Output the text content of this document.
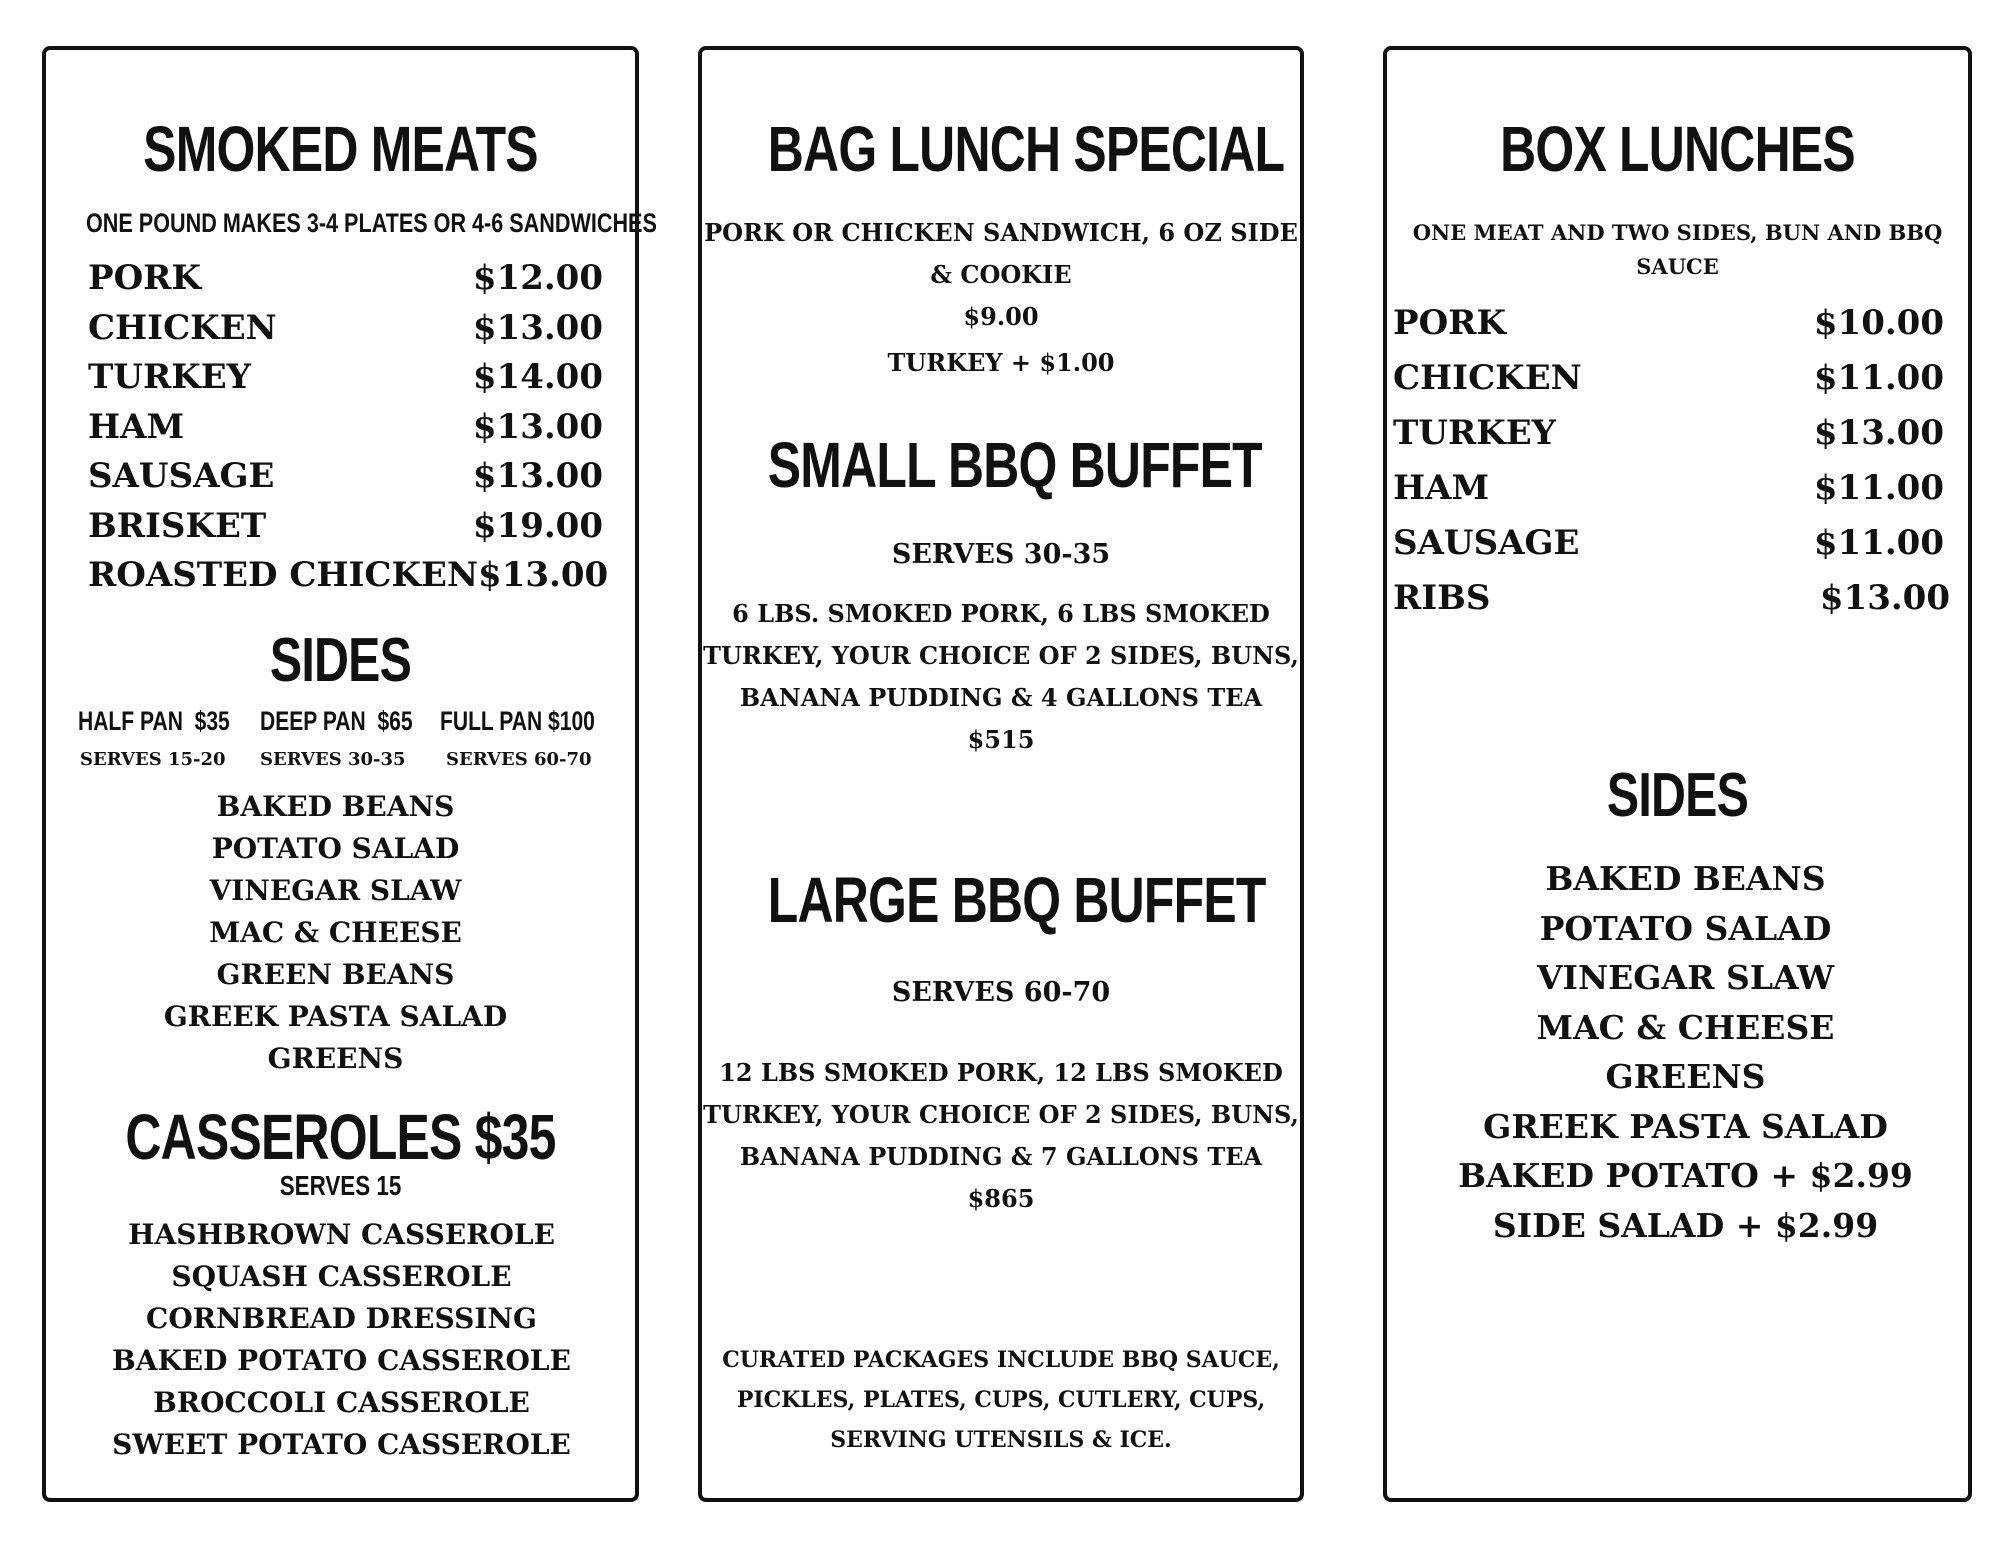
SMOKED MEATS
ONE POUND MAKES 3-4 PLATES OR 4-6 SANDWICHES
PORK	$12.00
CHICKEN	$13.00
TURKEY	$14.00
HAM	$13.00
SAUSAGE	$13.00
BRISKET	$19.00
ROASTED CHICKEN $13.00
SIDES
HALF PAN $35 DEEP PAN $65 FULL PAN $100
SERVES 15-20 SERVES 30-35 SERVES 60-70
BAKED BEANS
POTATO SALAD
VINEGAR SLAW
MAC & CHEESE
GREEN BEANS
GREEK PASTA SALAD
GREENS
CASSEROLES $35
SERVES 15
HASHBROWN CASSEROLE
SQUASH CASSEROLE
CORNBREAD DRESSING
BAKED POTATO CASSEROLE
BROCCOLI CASSEROLE
SWEET POTATO CASSEROLE
BAG LUNCH SPECIAL
PORK OR CHICKEN SANDWICH, 6 OZ SIDE
& COOKIE
$9.00
TURKEY + $1.00
SMALL BBQ BUFFET
SERVES 30-35
6 LBS. SMOKED PORK, 6 LBS SMOKED
TURKEY, YOUR CHOICE OF 2 SIDES, BUNS,
BANANA PUDDING & 4 GALLONS TEA
$515
LARGE BBQ BUFFET
SERVES 60-70
12 LBS SMOKED PORK, 12 LBS SMOKED
TURKEY, YOUR CHOICE OF 2 SIDES, BUNS,
BANANA PUDDING & 7 GALLONS TEA
$865
CURATED PACKAGES INCLUDE BBQ SAUCE,
PICKLES, PLATES, CUPS, CUTLERY, CUPS,
SERVING UTENSILS & ICE.
BOX LUNCHES
ONE MEAT AND TWO SIDES, BUN AND BBQ
SAUCE
PORK	$10.00
CHICKEN	$11.00
TURKEY	$13.00
HAM	$11.00
SAUSAGE	$11.00
RIBS	$13.00
SIDES
BAKED BEANS
POTATO SALAD
VINEGAR SLAW
MAC & CHEESE
GREENS
GREEK PASTA SALAD
BAKED POTATO + $2.99
SIDE SALAD + $2.99
